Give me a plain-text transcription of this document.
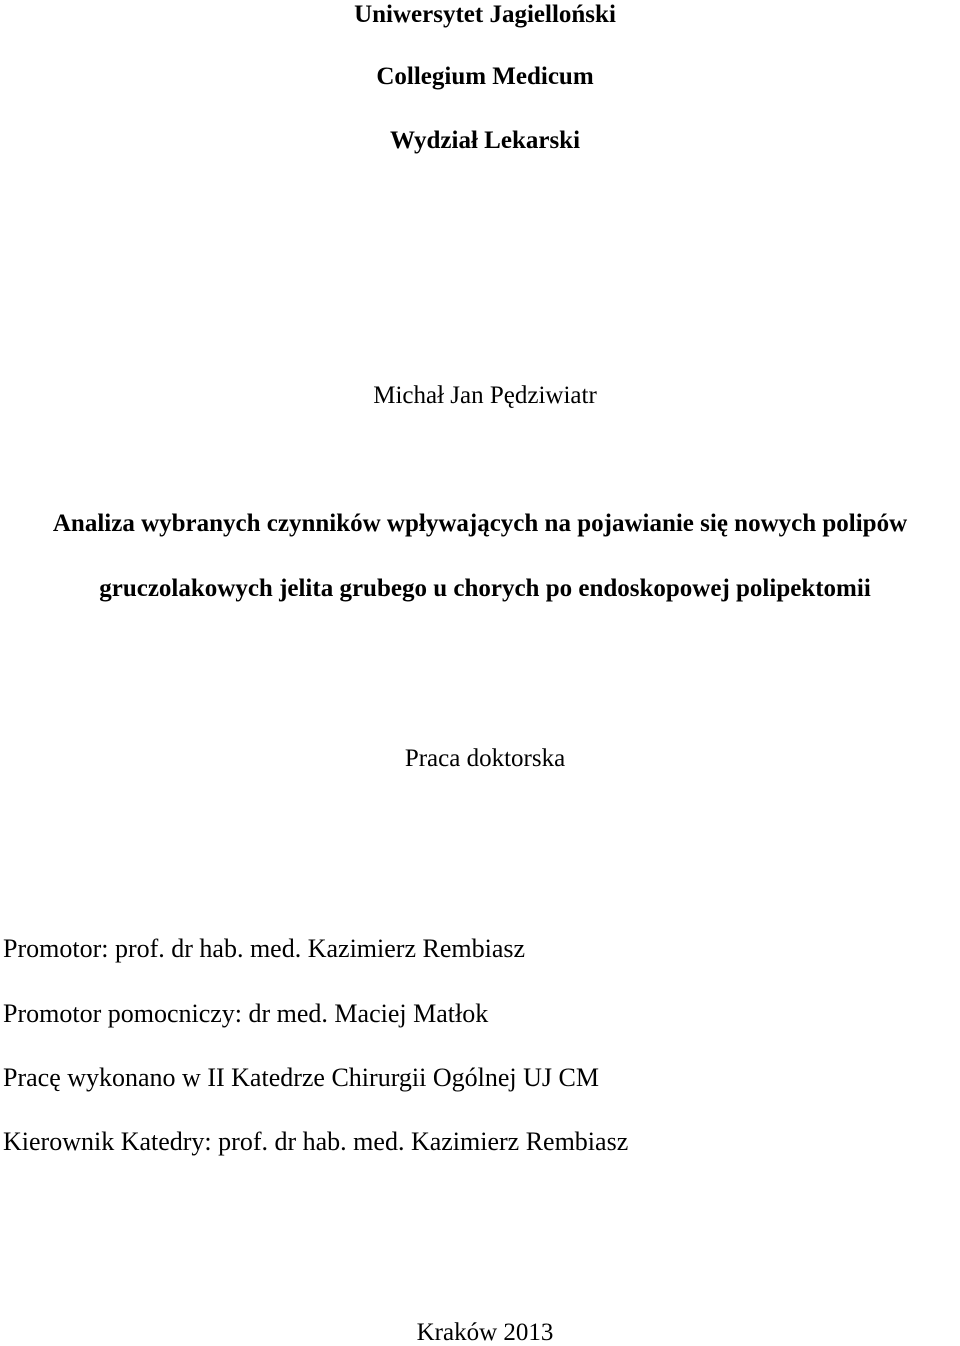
Uniwersytet Jagielloński

Collegium Medicum

Wydział Lekarski

Michał Jan Pędziwiatr

Analiza wybranych czynników wpływających na pojawianie się nowych polipów

gruczolakowych jelita grubego u chorych po endoskopowej polipektomii

Praca doktorska

Promotor: prof. dr hab. med. Kazimierz Rembiasz

Promotor pomocniczy: dr med. Maciej Matłok

Pracę wykonano w II Katedrze Chirurgii Ogólnej UJ CM

Kierownik Katedry: prof. dr hab. med. Kazimierz Rembiasz

Kraków 2013
